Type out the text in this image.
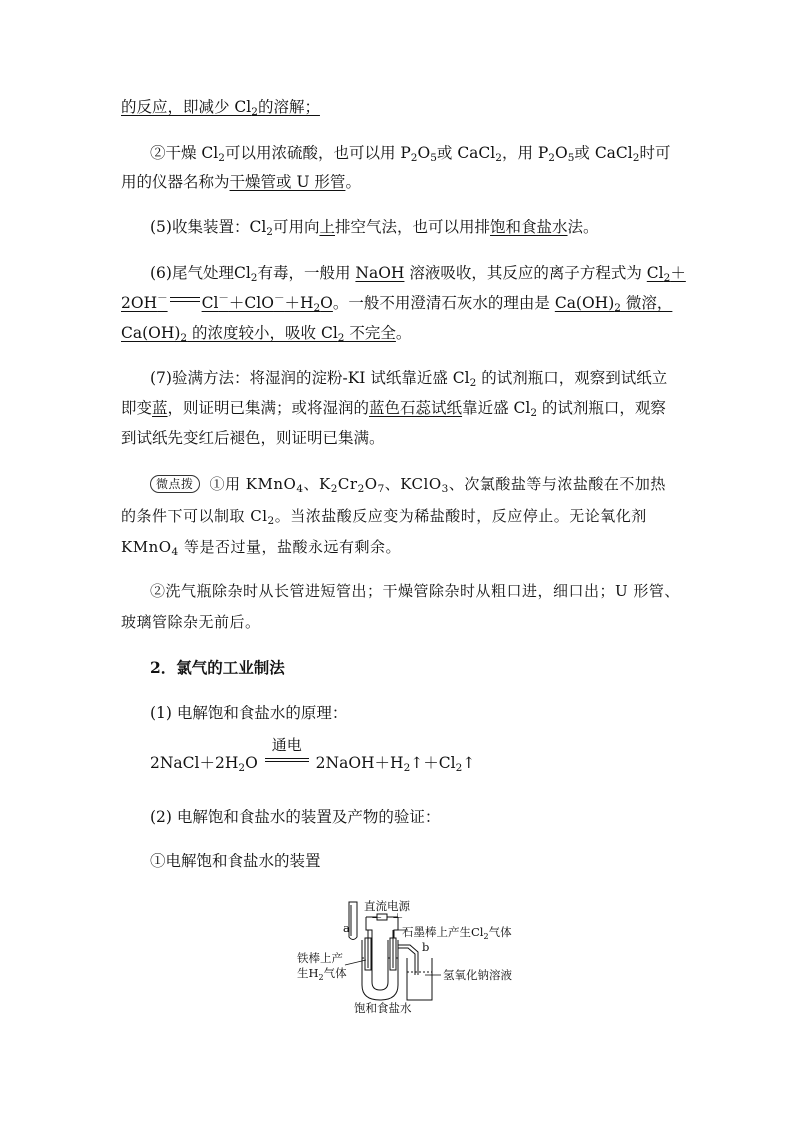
的反应，即减少 $Cl_2$的溶解；
②干燥 $Cl_2$可以用浓硫酸，也可以用 $P_2O_5$或 CaCl$_2$，用 $P_2O_5$或 CaCl$_2$时可
用的仪器名称为干燥管或 U 形管。
(5)收集装置：$Cl_2$可用向上排空气法，也可以用排饱和食盐水法。
(6)尾气处理$Cl_2$有毒，一般用 NaOH 溶液吸收，其反应的离子方程式为 $Cl_2+$
2OH－ $Cl^-+ClO^-+H_2O$。一般不用澄清石灰水的理由是 $Ca(OH)_2$ 微溶，
$Ca(OH)_2$ 的浓度较小，吸收 $Cl_2$ 不完全。
(7)验满方法：将湿润的淀粉-KI 试纸靠近盛 $Cl_2$ 的试剂瓶口，观察到试纸立
即变蓝，则证明已集满；或将湿润的蓝色石蕊试纸靠近盛 $Cl_2$ 的试剂瓶口，观察
到试纸先变红后褪色，则证明已集满。
微点拨 ①用 KMnO$_4$、$K_2Cr_2O_7$、KClO$_3$、次氯酸盐等与浓盐酸在不加热
的条件下可以制取 $Cl_2$。当浓盐酸反应变为稀盐酸时，反应停止。无论氧化剂
KMnO$_4$ 等是否过量，盐酸永远有剩余。
②洗气瓶除杂时从长管进短管出；干燥管除杂时从粗口进，细口出；U 形管、
玻璃管除杂无前后。
2．氯气的工业制法
(1) 电解饱和食盐水的原理：
$2NaCl+2H_2O$
通电
$2NaOH+H_2↑+Cl_2↑$
(2) 电解饱和食盐水的装置及产物的验证：
①电解饱和食盐水的装置
a
直流电源
－ ＋
b
石墨棒上产生$Cl_2$气体
铁棒上产
生$H_2$气体	氢氧化钠溶液
饱和食盐水
